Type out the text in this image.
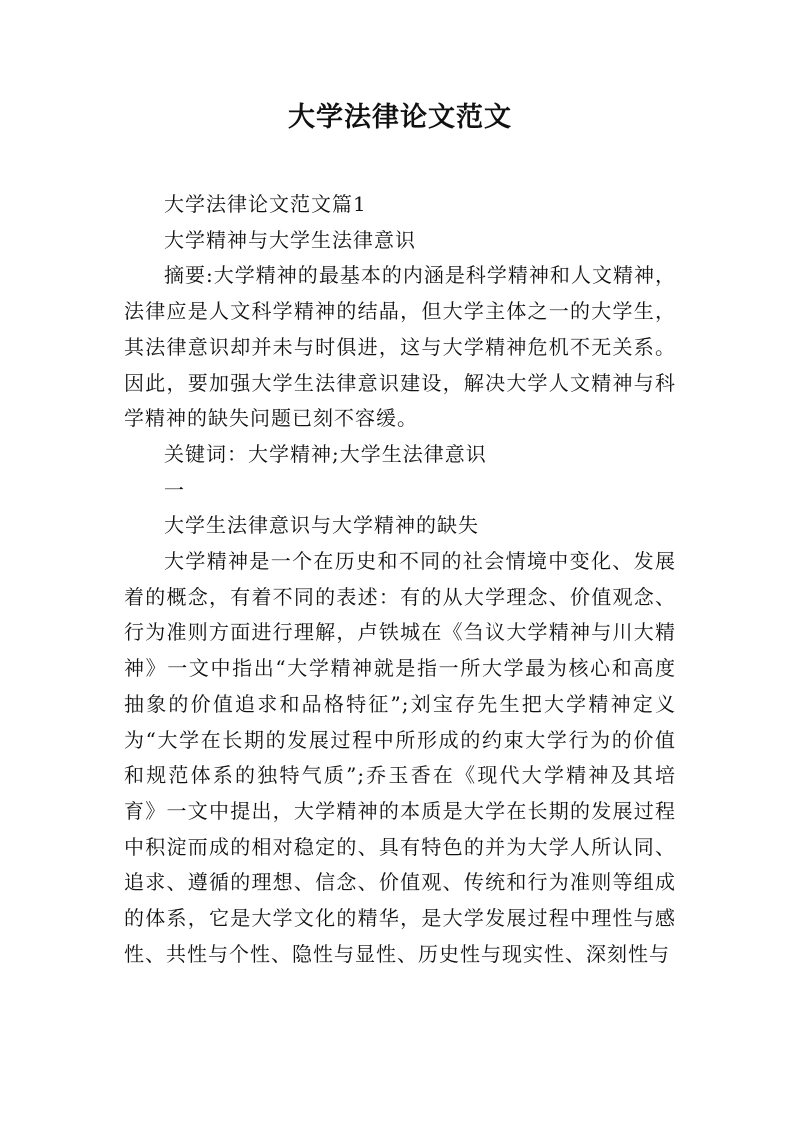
大学法律论文范文

大学法律论文范文篇1

大学精神与大学生法律意识

摘要:大学精神的最基本的内涵是科学精神和人文精神，法律应是人文科学精神的结晶，但大学主体之一的大学生，其法律意识却并未与时俱进，这与大学精神危机不无关系。因此，要加强大学生法律意识建设，解决大学人文精神与科学精神的缺失问题已刻不容缓。

关键词：大学精神;大学生法律意识

一

大学生法律意识与大学精神的缺失

大学精神是一个在历史和不同的社会情境中变化、发展着的概念，有着不同的表述：有的从大学理念、价值观念、行为准则方面进行理解，卢铁城在《刍议大学精神与川大精神》一文中指出“大学精神就是指一所大学最为核心和高度抽象的价值追求和品格特征”;刘宝存先生把大学精神定义为“大学在长期的发展过程中所形成的约束大学行为的价值和规范体系的独特气质”;乔玉香在《现代大学精神及其培育》一文中提出，大学精神的本质是大学在长期的发展过程中积淀而成的相对稳定的、具有特色的并为大学人所认同、追求、遵循的理想、信念、价值观、传统和行为准则等组成的体系，它是大学文化的精华，是大学发展过程中理性与感性、共性与个性、隐性与显性、历史性与现实性、深刻性与
